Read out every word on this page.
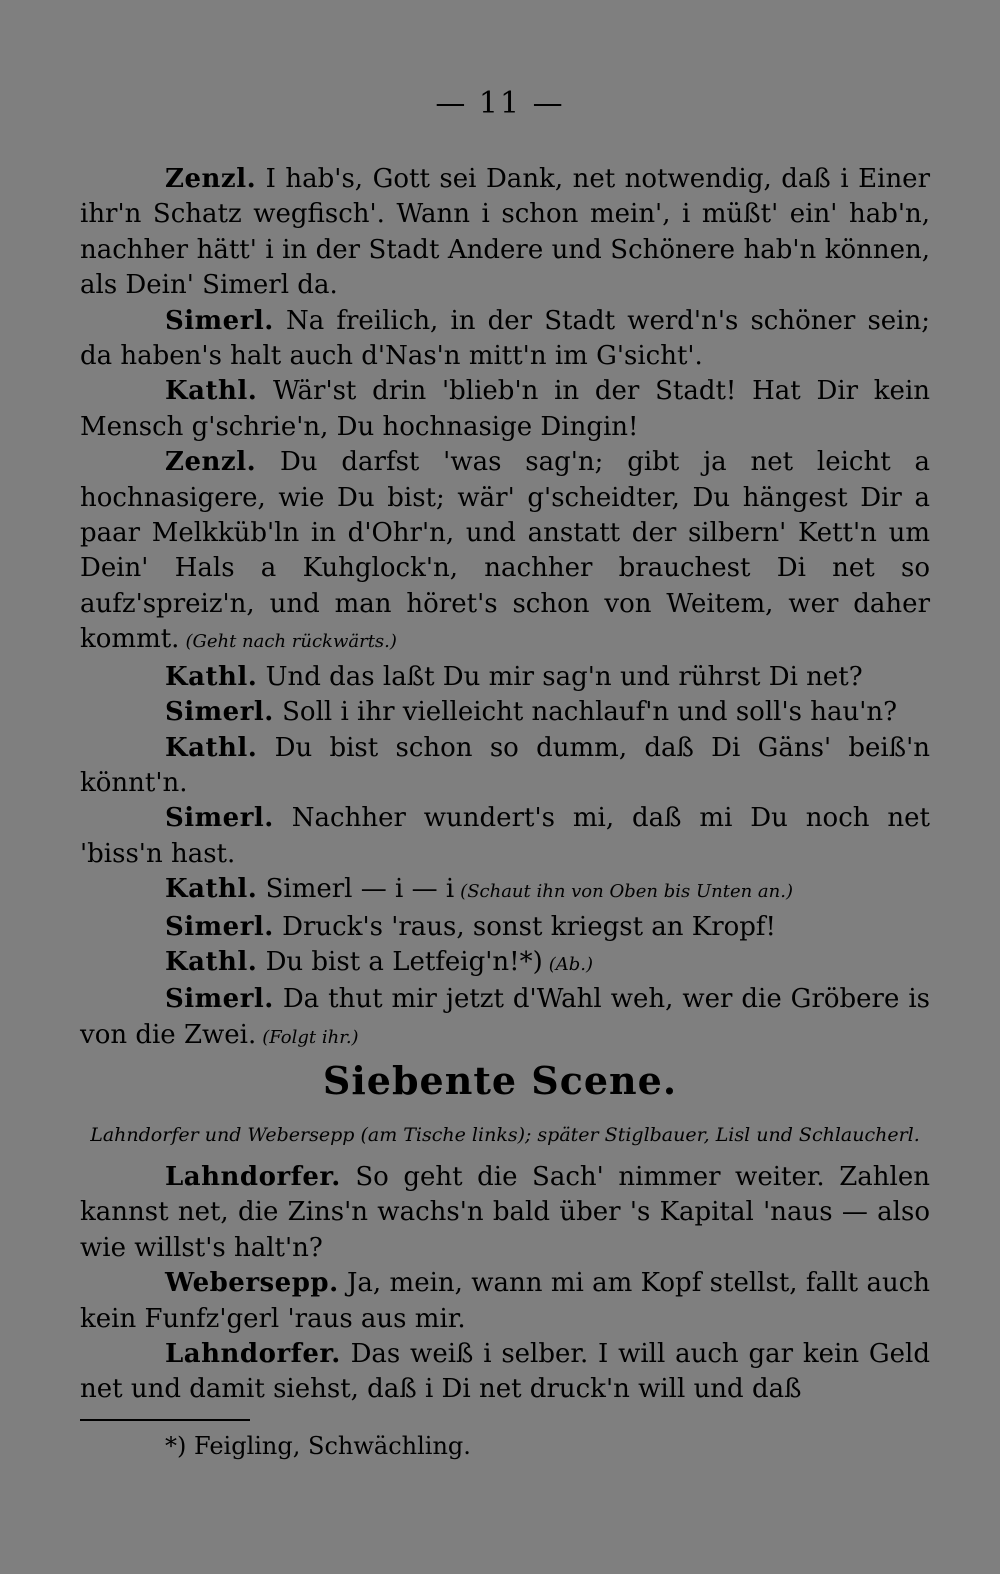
— 11 —

Zenzl. I hab's, Gott sei Dank, net notwendig, daß i Einer ihr'n Schatz wegfisch'. Wann i schon mein', i müßt' ein' hab'n, nachher hätt' i in der Stadt Andere und Schönere hab'n können, als Dein' Simerl da.

Simerl. Na freilich, in der Stadt werd'n's schöner sein; da haben's halt auch d'Nas'n mitt'n im G'sicht'.

Kathl. Wär'st drin 'blieb'n in der Stadt! Hat Dir kein Mensch g'schrie'n, Du hochnasige Dingin!

Zenzl. Du darfst 'was sag'n; gibt ja net leicht a hochnasigere, wie Du bist; wär' g'scheidter, Du hängest Dir a paar Melkküb'ln in d'Ohr'n, und anstatt der silbern' Kett'n um Dein' Hals a Kuhglock'n, nachher brauchest Di net so aufz'spreiz'n, und man höret's schon von Weitem, wer daher kommt. (Geht nach rückwärts.)

Kathl. Und das laßt Du mir sag'n und rührst Di net?

Simerl. Soll i ihr vielleicht nachlauf'n und soll's hau'n?

Kathl. Du bist schon so dumm, daß Di Gäns' beiß'n könnt'n.

Simerl. Nachher wundert's mi, daß mi Du noch net 'biss'n hast.

Kathl. Simerl — i — i (Schaut ihn von Oben bis Unten an.)

Simerl. Druck's 'raus, sonst kriegst an Kropf!

Kathl. Du bist a Letfeig'n!*) (Ab.)

Simerl. Da thut mir jetzt d'Wahl weh, wer die Gröbere is von die Zwei. (Folgt ihr.)

Siebente Scene.
Lahndorfer und Webersepp (am Tische links); später Stiglbauer, Lisl und Schlaucherl.

Lahndorfer. So geht die Sach' nimmer weiter. Zahlen kannst net, die Zins'n wachs'n bald über 's Kapital 'naus — also wie willst's halt'n?

Webersepp. Ja, mein, wann mi am Kopf stellst, fallt auch kein Funfz'gerl 'raus aus mir.

Lahndorfer. Das weiß i selber. I will auch gar kein Geld net und damit siehst, daß i Di net druck'n will und daß

*) Feigling, Schwächling.
